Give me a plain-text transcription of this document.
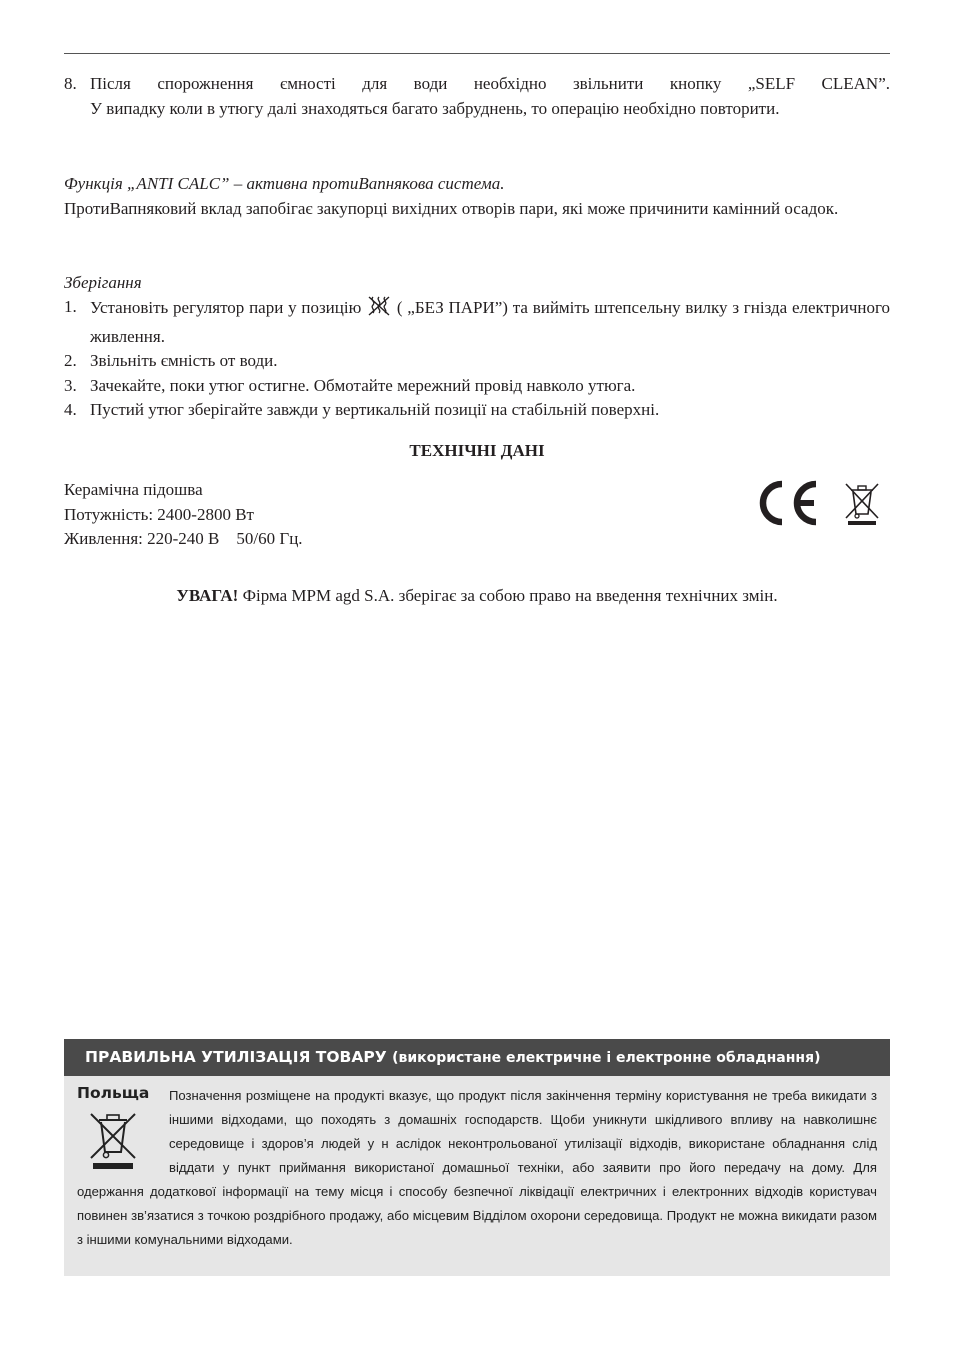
8. Після спорожнення ємності для води необхідно звільнити кнопку „SELF CLEAN”.
У випадку коли в утюгу далі знаходяться багато забруднень, то операцію необхідно повторити.
Функція „ANTI CALC” – активна протиВапнякова система.
ПротиВапняковий вклад запобігає закупорці вихідних отворів пари, які може причинити камінний осадок.
Зберігання
1. Установіть регулятор пари у позицію ( „БЕЗ ПАРИ”) та вийміть штепсельну вилку з гнізда електричного живлення.
2. Звільніть ємність от води.
3. Зачекайте, поки утюг остигне. Обмотайте мережний провід навколо утюга.
4. Пустий утюг зберігайте завжди у вертикальній позиції на стабільній поверхні.
ТЕХНІЧНІ ДАНІ
Керамічна підошва
Потужність: 2400-2800 Вт
Живлення: 220-240 В    50/60 Гц.
УВАГА! Фірма MPM agd S.A. зберігає за собою право на введення технічних змін.
ПРАВИЛЬНА УТИЛІЗАЦІЯ ТОВАРУ (використане електричне і електронне обладнання)
Польща	Позначення розміщене на продукті вказує, що продукт після закінчення терміну користування не треба викидати з іншими відходами, що походять з домашніх господарств. Щоби уникнути шкідливого впливу на навколишнє середовище і здоров’я людей у н аслідок неконтрольованої утилізації відходів, використане обладнання слід віддати у пункт приймання використаної домашньої техніки, або заявити про його передачу на дому. Для одержання додаткової інформації на тему місця і способу безпечної ліквідації електричних і електронних відходів користувач повинен зв’язатися з точкою роздрібного продажу, або місцевим Відділом охорони середовища. Продукт не можна викидати разом з іншими комунальними відходами.
